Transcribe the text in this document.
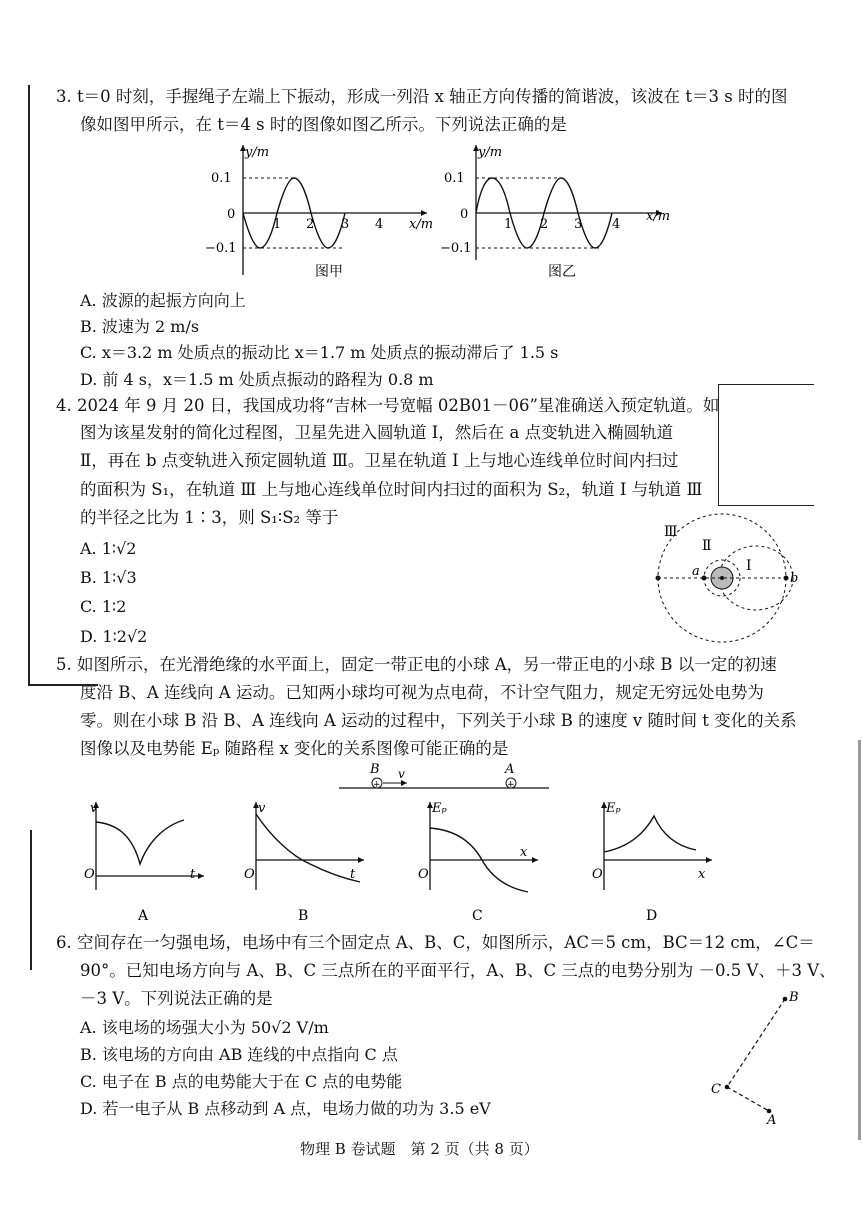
3. t＝0 时刻，手握绳子左端上下振动，形成一列沿 x 轴正方向传播的简谐波，该波在 t＝3 s 时的图
像如图甲所示，在 t＝4 s 时的图像如图乙所示。下列说法正确的是
y/m
0.1
0
−0.1
1 2 3 4 x/m
图甲
y/m
0.1
0
−0.1
1 2 3 4
x/m
图乙
A. 波源的起振方向向上
B. 波速为 2 m/s
C. x＝3.2 m 处质点的振动比 x＝1.7 m 处质点的振动滞后了 1.5 s
D. 前 4 s，x＝1.5 m 处质点振动的路程为 0.8 m
4. 2024 年 9 月 20 日，我国成功将“吉林一号宽幅 02B01－06”星准确送入预定轨道。如
图为该星发射的简化过程图，卫星先进入圆轨道 Ⅰ，然后在 a 点变轨进入椭圆轨道
Ⅱ，再在 b 点变轨进入预定圆轨道 Ⅲ。卫星在轨道 Ⅰ 上与地心连线单位时间内扫过
的面积为 S₁，在轨道 Ⅲ 上与地心连线单位时间内扫过的面积为 S₂，轨道 Ⅰ 与轨道 Ⅲ
的半径之比为 1∶3，则 S₁∶S₂ 等于
A. 1∶√2
B. 1∶√3
C. 1∶2
D. 1∶2√2
Ⅲ
Ⅱ
Ⅰ
a	b
5. 如图所示，在光滑绝缘的水平面上，固定一带正电的小球 A，另一带正电的小球 B 以一定的初速
度沿 B、A 连线向 A 运动。已知两小球均可视为点电荷，不计空气阻力，规定无穷远处电势为
零。则在小球 B 沿 B、A 连线向 A 运动的过程中，下列关于小球 B 的速度 v 随时间 t 变化的关系
图像以及电势能 Eₚ 随路程 x 变化的关系图像可能正确的是
+	+
B v	A
v
O	t
A
v
O	t
B
Eₚ
O
x
C
Eₚ
O	x
D
6. 空间存在一匀强电场，电场中有三个固定点 A、B、C，如图所示，AC＝5 cm，BC＝12 cm，∠C＝
90°。已知电场方向与 A、B、C 三点所在的平面平行，A、B、C 三点的电势分别为 －0.5 V、＋3 V、
－3 V。下列说法正确的是
A. 该电场的场强大小为 50√2 V/m
B. 该电场的方向由 AB 连线的中点指向 C 点
C. 电子在 B 点的电势能大于在 C 点的电势能
D. 若一电子从 B 点移动到 A 点，电场力做的功为 3.5 eV
B
C
A
物理 B 卷试题　第 2 页（共 8 页）
